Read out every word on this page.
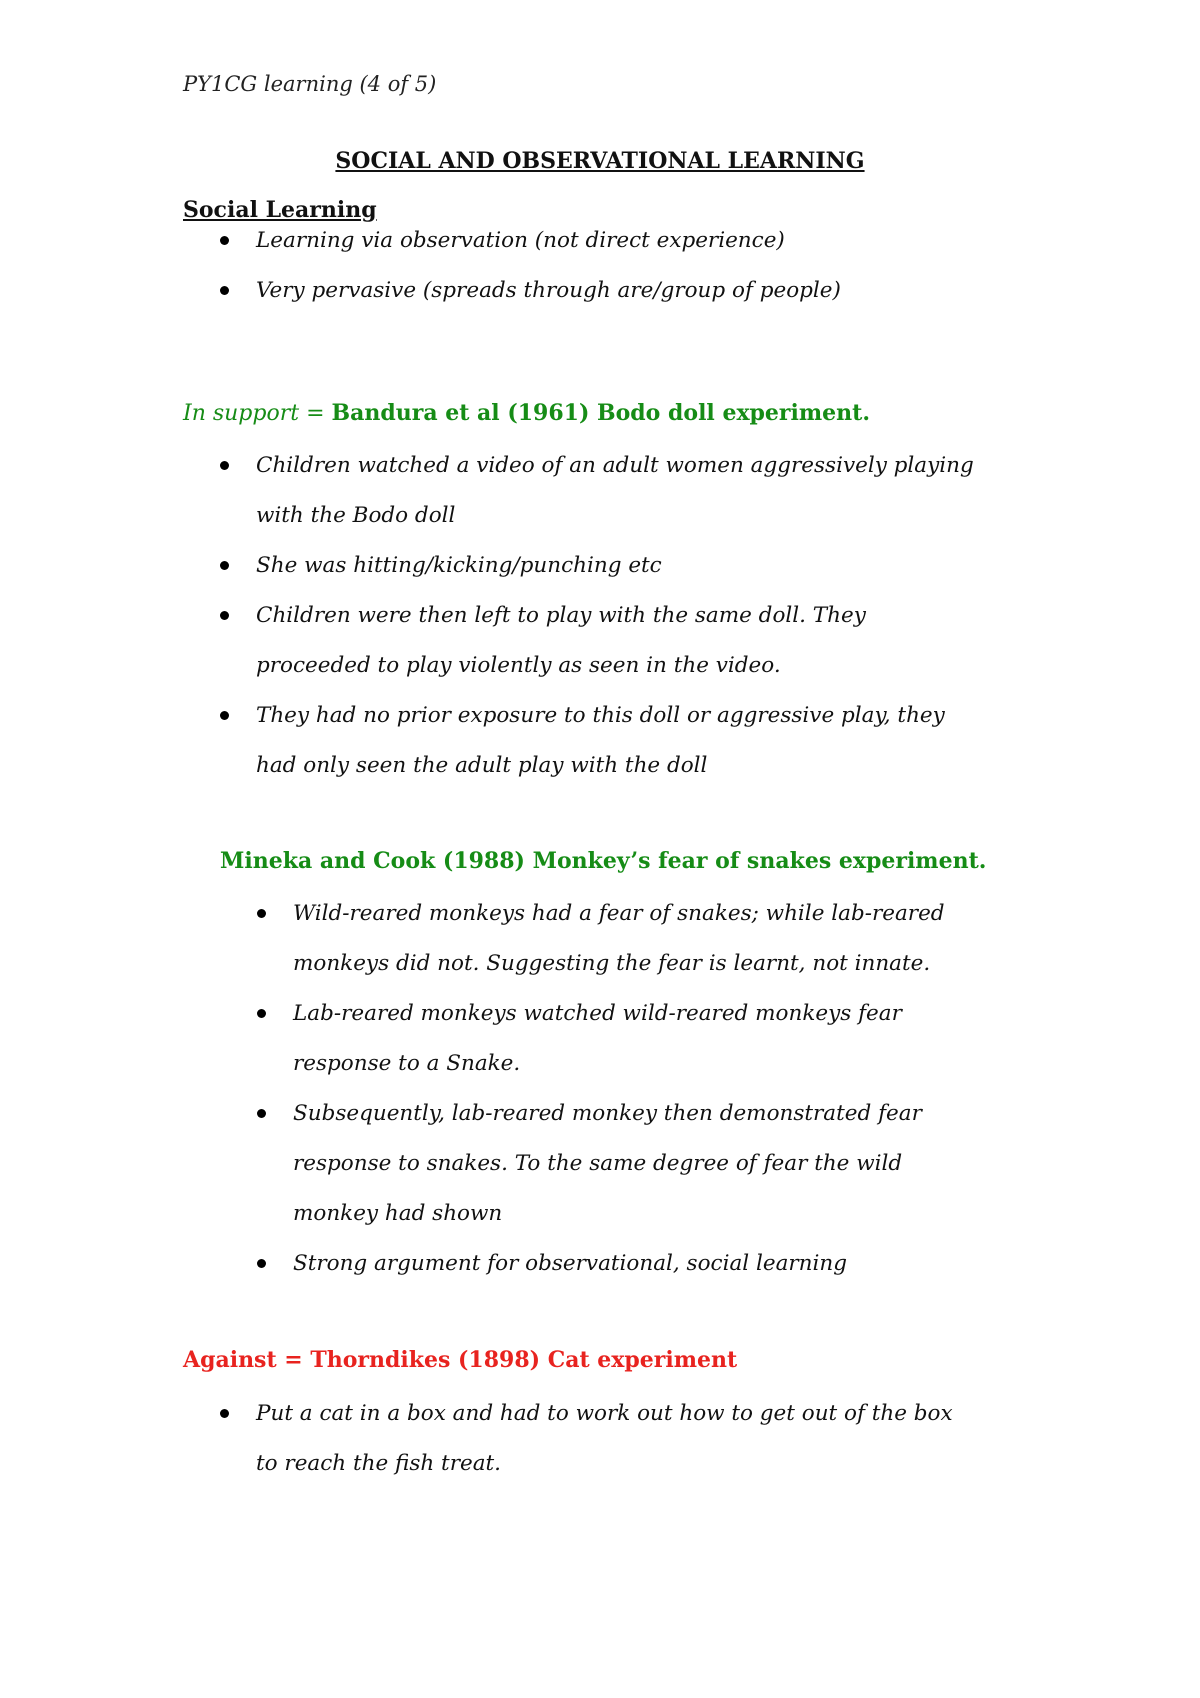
PY1CG learning (4 of 5)
SOCIAL AND OBSERVATIONAL LEARNING
Social Learning
Learning via observation (not direct experience)
Very pervasive (spreads through are/group of people)
In support = Bandura et al (1961) Bodo doll experiment.
Children watched a video of an adult women aggressively playing
with the Bodo doll
She was hitting/kicking/punching etc
Children were then left to play with the same doll. They
proceeded to play violently as seen in the video.
They had no prior exposure to this doll or aggressive play, they
had only seen the adult play with the doll
Mineka and Cook (1988) Monkey’s fear of snakes experiment.
Wild-reared monkeys had a fear of snakes; while lab-reared
monkeys did not. Suggesting the fear is learnt, not innate.
Lab-reared monkeys watched wild-reared monkeys fear
response to a Snake.
Subsequently, lab-reared monkey then demonstrated fear
response to snakes. To the same degree of fear the wild
monkey had shown
Strong argument for observational, social learning
Against = Thorndikes (1898) Cat experiment
Put a cat in a box and had to work out how to get out of the box
to reach the fish treat.
